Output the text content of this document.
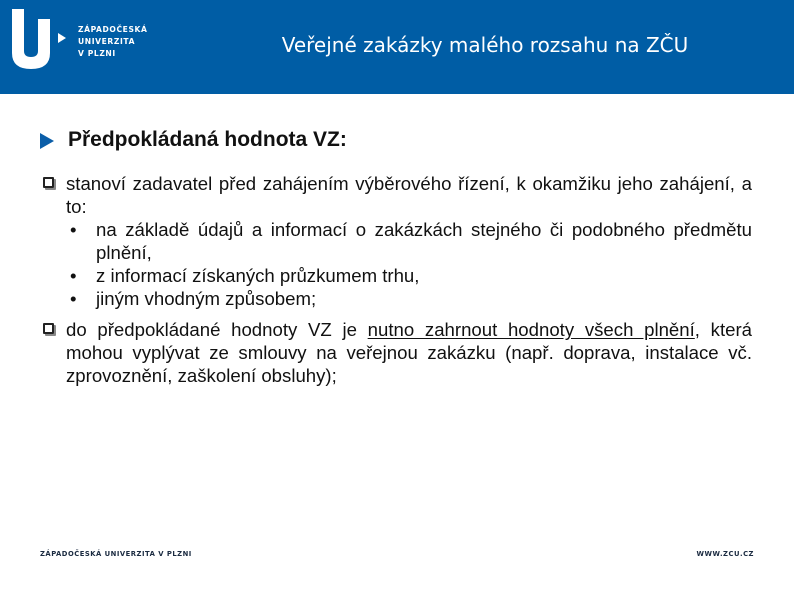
ZÁPADOČESKÁ
UNIVERZITA
V PLZNI	Veřejné zakázky malého rozsahu na ZČU
Předpokládaná hodnota VZ:
stanoví zadavatel před zahájením výběrového řízení, k okamžiku jeho zahájení, a to:
• na základě údajů a informací o zakázkách stejného či podobného předmětu plnění,
• z informací získaných průzkumem trhu,
• jiným vhodným způsobem;
do předpokládané hodnoty VZ je nutno zahrnout hodnoty všech plnění, která mohou vyplývat ze smlouvy na veřejnou zakázku (např. doprava, instalace vč. zprovoznění, zaškolení obsluhy);
ZÁPADOČESKÁ UNIVERZITA V PLZNI	WWW.ZCU.CZ
